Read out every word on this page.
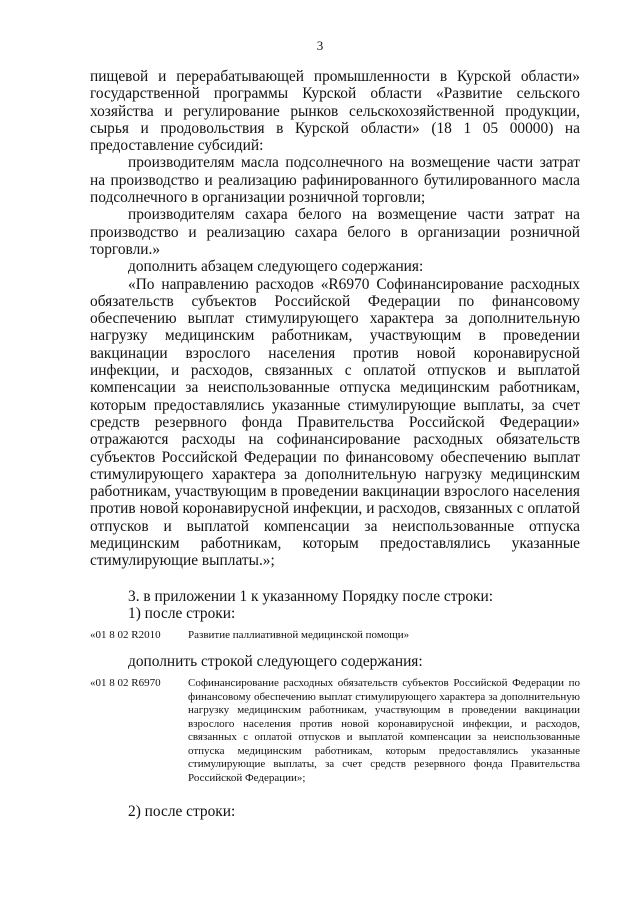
3

пищевой и перерабатывающей промышленности в Курской области» государственной программы Курской области «Развитие сельского хозяйства и регулирование рынков сельскохозяйственной продукции, сырья и продовольствия в Курской области» (18 1 05 00000) на предоставление субсидий:

производителям масла подсолнечного на возмещение части затрат на производство и реализацию рафинированного бутилированного масла подсолнечного в организации розничной торговли;

производителям сахара белого на возмещение части затрат на производство и реализацию сахара белого в организации розничной торговли.»

дополнить абзацем следующего содержания:

«По направлению расходов «R6970 Софинансирование расходных обязательств субъектов Российской Федерации по финансовому обеспечению выплат стимулирующего характера за дополнительную нагрузку медицинским работникам, участвующим в проведении вакцинации взрослого населения против новой коронавирусной инфекции, и расходов, связанных с оплатой отпусков и выплатой компенсации за неиспользованные отпуска медицинским работникам, которым предоставлялись указанные стимулирующие выплаты, за счет средств резервного фонда Правительства Российской Федерации» отражаются расходы на софинансирование расходных обязательств субъектов Российской Федерации по финансовому обеспечению выплат стимулирующего характера за дополнительную нагрузку медицинским работникам, участвующим в проведении вакцинации взрослого населения против новой коронавирусной инфекции, и расходов, связанных с оплатой отпусков и выплатой компенсации за неиспользованные отпуска медицинским работникам, которым предоставлялись указанные стимулирующие выплаты.»;

3. в приложении 1 к указанному Порядку после строки:

1) после строки:

«01 8 02 R2010	Развитие паллиативной медицинской помощи»

дополнить строкой следующего содержания:

«01 8 02 R6970	Софинансирование расходных обязательств субъектов Российской Федерации по финансовому обеспечению выплат стимулирующего характера за дополнительную нагрузку медицинским работникам, участвующим в проведении вакцинации взрослого населения против новой коронавирусной инфекции, и расходов, связанных с оплатой отпусков и выплатой компенсации за неиспользованные отпуска медицинским работникам, которым предоставлялись указанные стимулирующие выплаты, за счет средств резервного фонда Правительства Российской Федерации»;

2) после строки:
